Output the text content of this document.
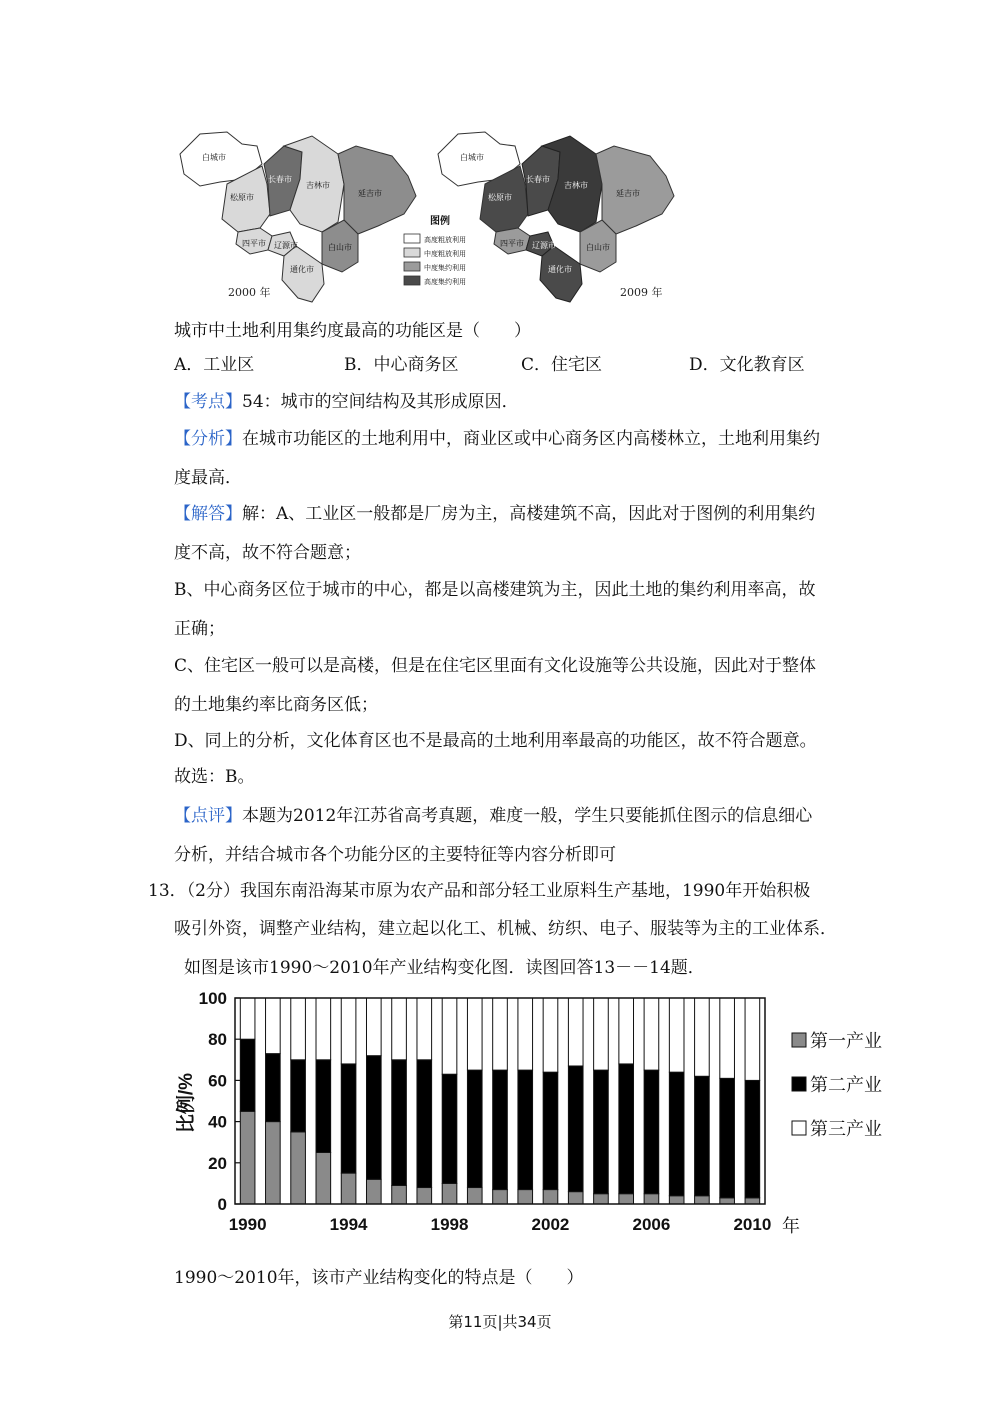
白城市
松原市
长春市
吉林市
延吉市
四平市 辽源市	白山市
通化市
2000 年
图例
高度粗放利用
中度粗放利用
中度集约利用
高度集约利用
白城市
松原市
长春市
吉林市
延吉市
四平市 辽源市	白山市
通化市
2009 年
城市中土地利用集约度最高的功能区是（　　）
A．工业区	B．中心商务区	C．住宅区	D．文化教育区
【考点】54：城市的空间结构及其形成原因．
【分析】在城市功能区的土地利用中，商业区或中心商务区内高楼林立，土地利用集约
度最高．
【解答】解：A、工业区一般都是厂房为主，高楼建筑不高，因此对于图例的利用集约
度不高，故不符合题意；
B、中心商务区位于城市的中心，都是以高楼建筑为主，因此土地的集约利用率高，故
正确；
C、住宅区一般可以是高楼，但是在住宅区里面有文化设施等公共设施，因此对于整体
的土地集约率比商务区低；
D、同上的分析，文化体育区也不是最高的土地利用率最高的功能区，故不符合题意。
故选：B。
【点评】本题为2012年江苏省高考真题，难度一般，学生只要能抓住图示的信息细心
分析，并结合城市各个功能分区的主要特征等内容分析即可
13．（2分）我国东南沿海某市原为农产品和部分轻工业原料生产基地，1990年开始积极
吸引外资，调整产业结构，建立起以化工、机械、纺织、电子、服装等为主的工业体系．
如图是该市1990～2010年产业结构变化图．读图回答13－－14题．
0
20
40
60
80
100
1990	1994	1998	2002	2006	2010 年
比例/%
第一产业
第二产业
第三产业
1990～2010年，该市产业结构变化的特点是（　　）
第11页|共34页
